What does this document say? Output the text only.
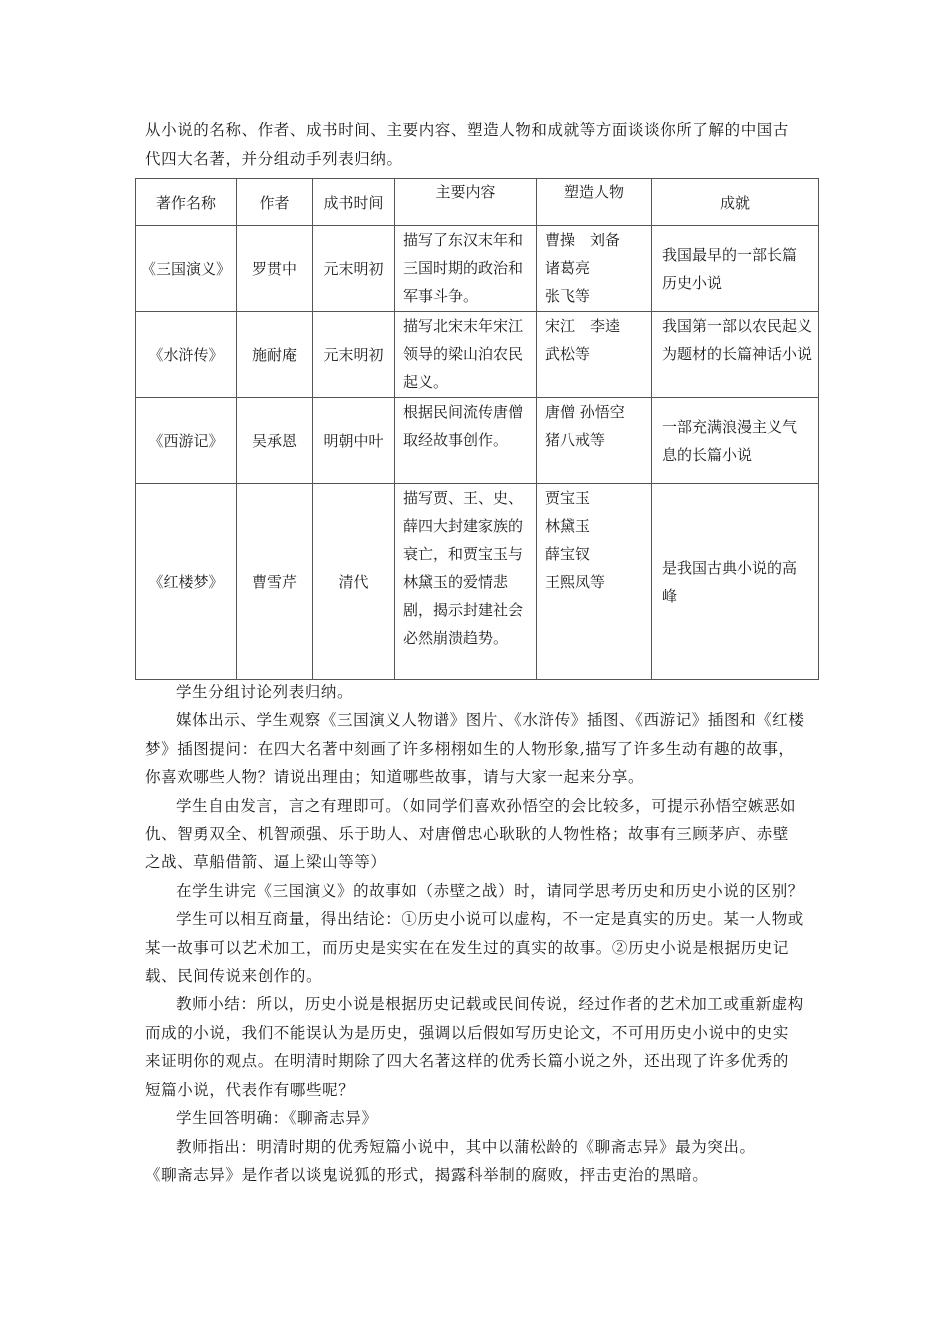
从小说的名称、作者、成书时间、主要内容、塑造人物和成就等方面谈谈你所了解的中国古代四大名著，并分组动手列表归纳。
著作名称	作者	成书时间	主要内容	塑造人物	成就
《三国演义》	罗贯中	元末明初	描写了东汉末年和三国时期的政治和军事斗争。	曹操　刘备
诸葛亮
张飞等	我国最早的一部长篇历史小说
《水浒传》	施耐庵	元末明初	描写北宋末年宋江领导的梁山泊农民起义。	宋江　李逵
武松等	我国第一部以农民起义为题材的长篇神话小说
《西游记》	吴承恩	明朝中叶	根据民间流传唐僧取经故事创作。	唐僧 孙悟空
猪八戒等	一部充满浪漫主义气息的长篇小说
《红楼梦》	曹雪芹	清代	描写贾、王、史、薛四大封建家族的衰亡，和贾宝玉与林黛玉的爱情悲剧，揭示封建社会必然崩溃趋势。	贾宝玉
林黛玉
薛宝钗
王熙凤等	是我国古典小说的高峰

学生分组讨论列表归纳。

媒体出示、学生观察《三国演义人物谱》图片、《水浒传》插图、《西游记》插图和《红楼梦》插图提问：在四大名著中刻画了许多栩栩如生的人物形象,描写了许多生动有趣的故事，你喜欢哪些人物？请说出理由；知道哪些故事，请与大家一起来分享。

学生自由发言，言之有理即可。（如同学们喜欢孙悟空的会比较多，可提示孙悟空嫉恶如仇、智勇双全、机智顽强、乐于助人、对唐僧忠心耿耿的人物性格；故事有三顾茅庐、赤壁之战、草船借箭、逼上梁山等等）

在学生讲完《三国演义》的故事如（赤壁之战）时，请同学思考历史和历史小说的区别？

学生可以相互商量，得出结论：①历史小说可以虚构，不一定是真实的历史。某一人物或某一故事可以艺术加工，而历史是实实在在发生过的真实的故事。②历史小说是根据历史记载、民间传说来创作的。

教师小结：所以，历史小说是根据历史记载或民间传说，经过作者的艺术加工或重新虚构而成的小说，我们不能误认为是历史，强调以后假如写历史论文，不可用历史小说中的史实来证明你的观点。在明清时期除了四大名著这样的优秀长篇小说之外，还出现了许多优秀的短篇小说，代表作有哪些呢？

学生回答明确：《聊斋志异》

教师指出：明清时期的优秀短篇小说中，其中以蒲松龄的《聊斋志异》最为突出。

《聊斋志异》是作者以谈鬼说狐的形式，揭露科举制的腐败，抨击吏治的黑暗。
